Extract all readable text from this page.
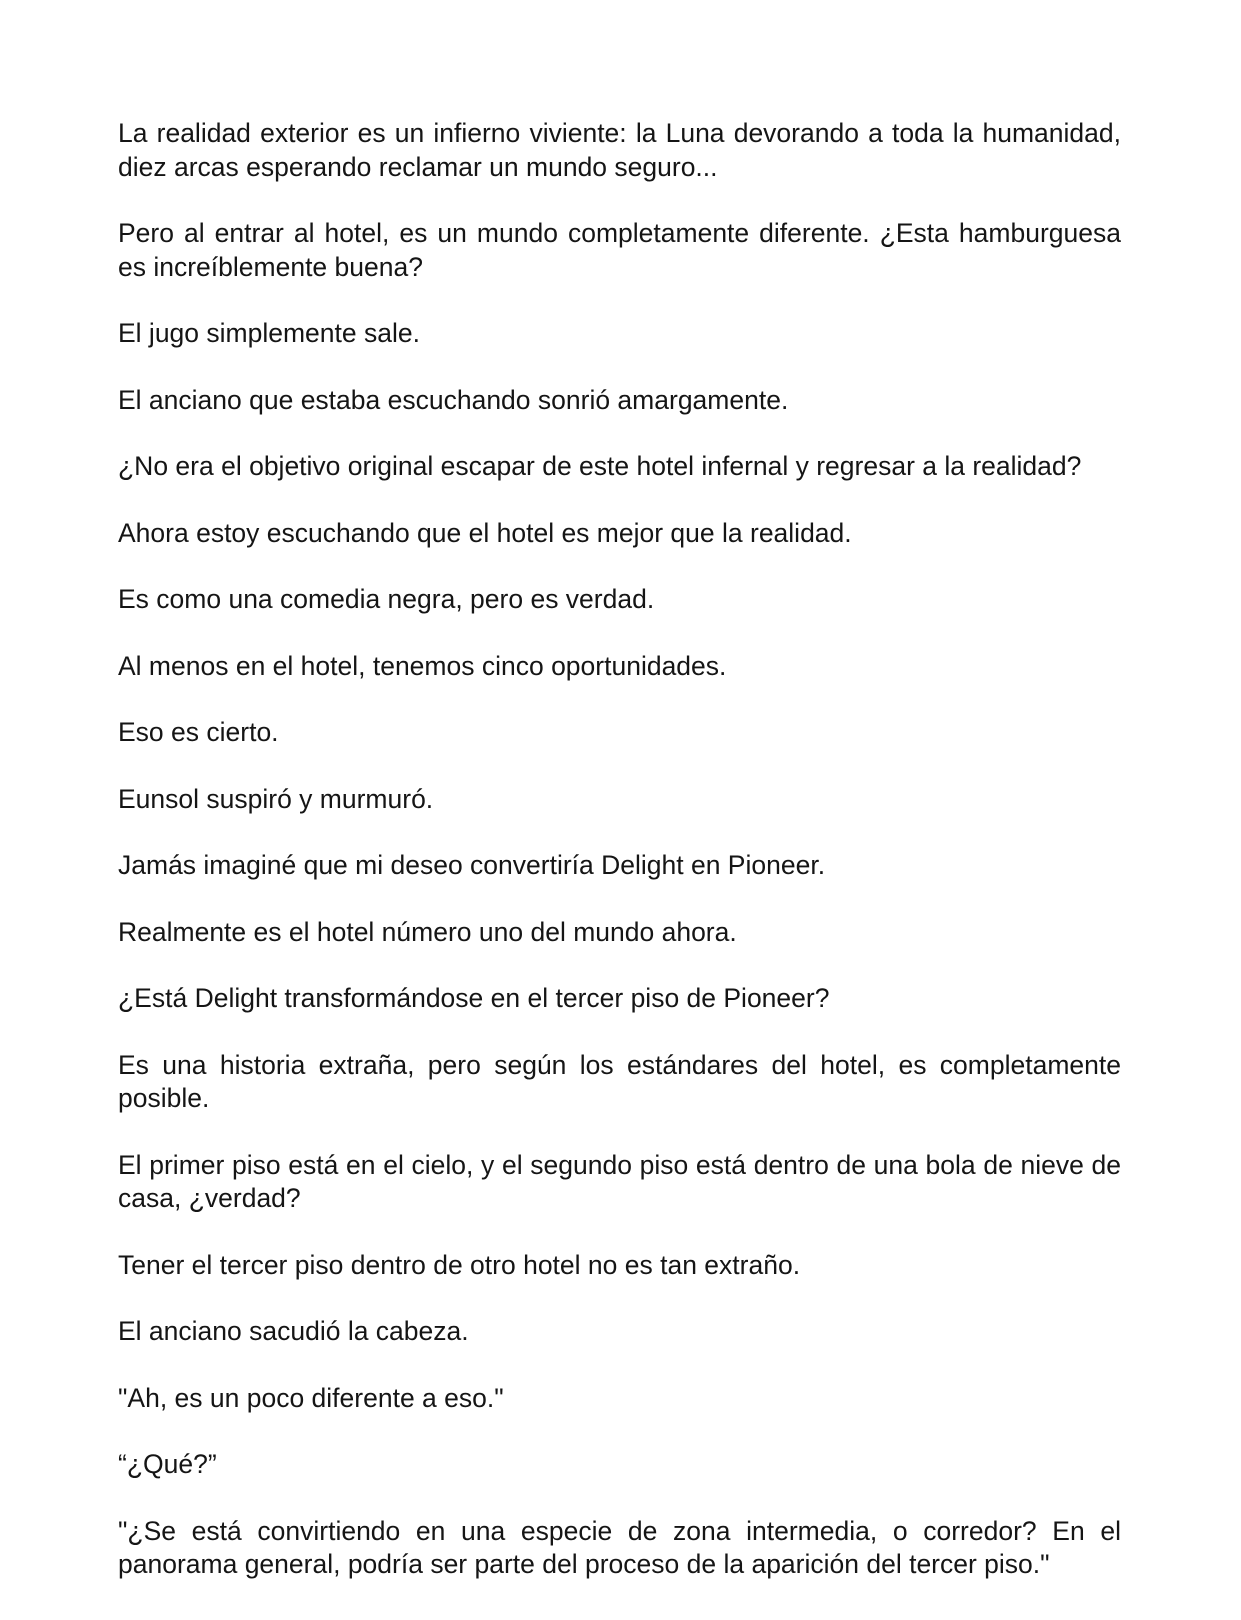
La realidad exterior es un infierno viviente: la Luna devorando a toda la humanidad, diez arcas esperando reclamar un mundo seguro...

Pero al entrar al hotel, es un mundo completamente diferente. ¿Esta hamburguesa es increíblemente buena?

El jugo simplemente sale.

El anciano que estaba escuchando sonrió amargamente.

¿No era el objetivo original escapar de este hotel infernal y regresar a la realidad?

Ahora estoy escuchando que el hotel es mejor que la realidad.

Es como una comedia negra, pero es verdad.

Al menos en el hotel, tenemos cinco oportunidades.

Eso es cierto.

Eunsol suspiró y murmuró.

Jamás imaginé que mi deseo convertiría Delight en Pioneer.

Realmente es el hotel número uno del mundo ahora.

¿Está Delight transformándose en el tercer piso de Pioneer?

Es una historia extraña, pero según los estándares del hotel, es completamente posible.

El primer piso está en el cielo, y el segundo piso está dentro de una bola de nieve de casa, ¿verdad?

Tener el tercer piso dentro de otro hotel no es tan extraño.

El anciano sacudió la cabeza.

"Ah, es un poco diferente a eso."

“¿Qué?”

"¿Se está convirtiendo en una especie de zona intermedia, o corredor? En el panorama general, podría ser parte del proceso de la aparición del tercer piso."
